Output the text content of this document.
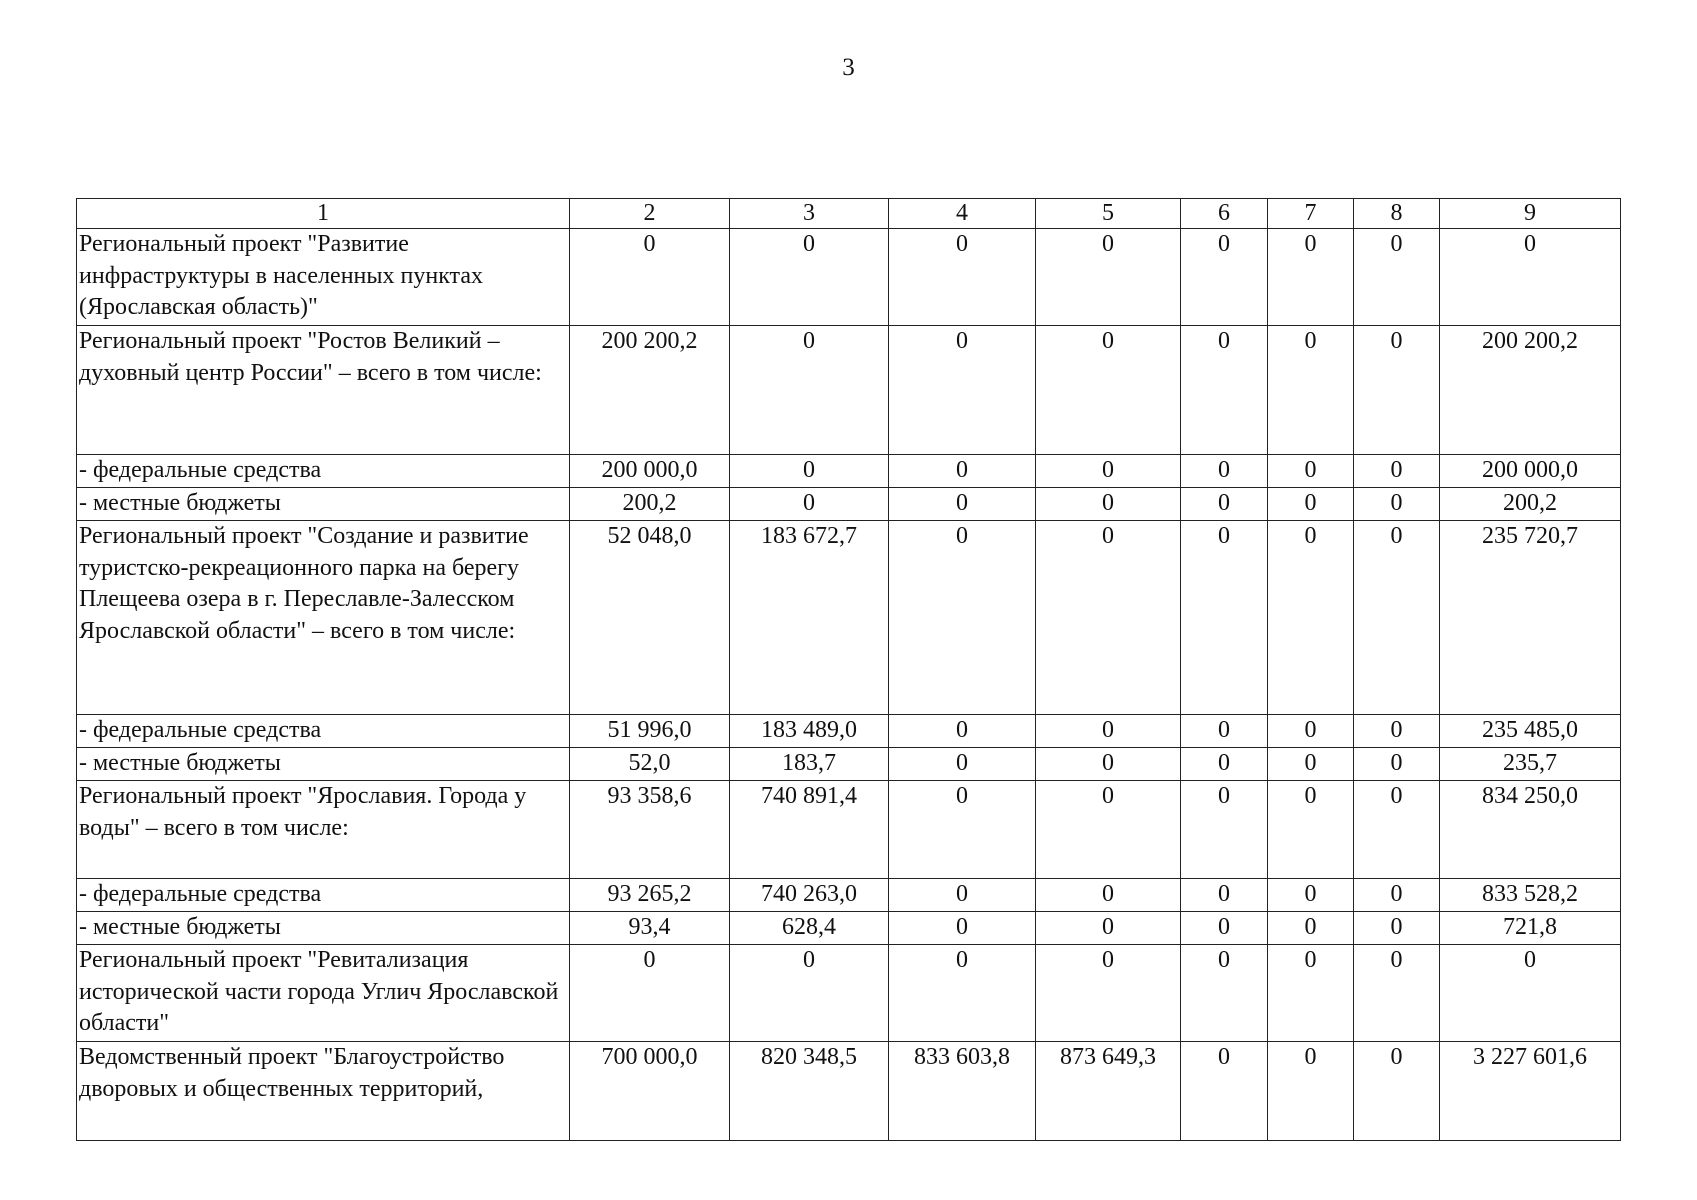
3
1	2	3	4	5	6	7	8	9
Региональный проект "Развитие инфраструктуры в населенных пунктах (Ярославская область)"	0	0	0	0	0	0	0	0
Региональный проект "Ростов Великий – духовный центр России" – всего в том числе:	200 200,2	0	0	0	0	0	0	200 200,2
- федеральные средства	200 000,0	0	0	0	0	0	0	200 000,0
- местные бюджеты	200,2	0	0	0	0	0	0	200,2
Региональный проект "Создание и развитие туристско-рекреационного парка на берегу Плещеева озера в г. Переславле-Залесском Ярославской области" – всего в том числе:	52 048,0	183 672,7	0	0	0	0	0	235 720,7
- федеральные средства	51 996,0	183 489,0	0	0	0	0	0	235 485,0
- местные бюджеты	52,0	183,7	0	0	0	0	0	235,7
Региональный проект "Ярославия. Города у воды" – всего в том числе:	93 358,6	740 891,4	0	0	0	0	0	834 250,0
- федеральные средства	93 265,2	740 263,0	0	0	0	0	0	833 528,2
- местные бюджеты	93,4	628,4	0	0	0	0	0	721,8
Региональный проект "Ревитализация исторической части города Углич Ярославской области"	0	0	0	0	0	0	0	0
Ведомственный проект "Благоустройство дворовых и общественных территорий,	700 000,0	820 348,5	833 603,8	873 649,3	0	0	0	3 227 601,6
